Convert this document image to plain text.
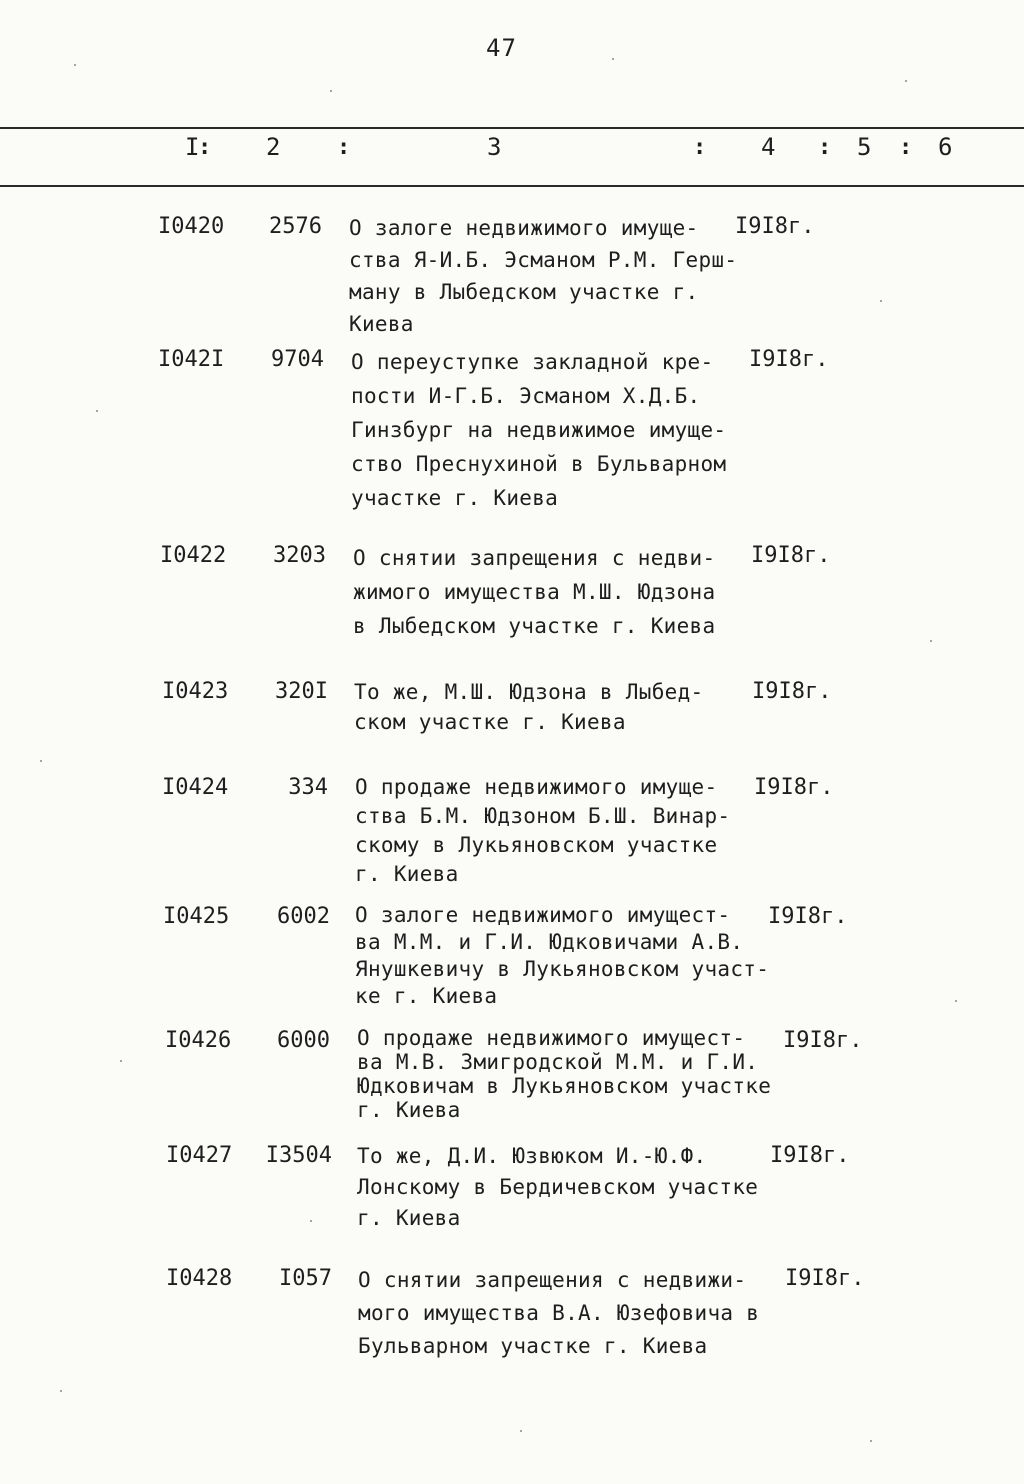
47
I
: 2	:	3	: 4 : 5 : 6
I0420	2576 О залоге недвижимого имуще-
ства Я-И.Б. Эсманом Р.М. Герш-
ману в Лыбедском участке г.
Киева
I9I8г.
I042I	9704 О переуступке закладной кре-
пости И-Г.Б. Эсманом Х.Д.Б.
Гинзбург на недвижимое имуще-
ство Преснухиной в Бульварном
участке г. Киева
I9I8г.
I0422	3203 О снятии запрещения с недви-
жимого имущества М.Ш. Юдзона
в Лыбедском участке г. Киева
I9I8г.
I0423	320I То же, М.Ш. Юдзона в Лыбед-
ском участке г. Киева
I9I8г.
I0424	334 О продаже недвижимого имуще-
ства Б.М. Юдзоном Б.Ш. Винар-
скому в Лукьяновском участке
г. Киева
I9I8г.
I0425	6002 О залоге недвижимого имущест-
ва М.М. и Г.И. Юдковичами А.В.
Янушкевичу в Лукьяновском участ-
ке г. Киева
I9I8г.
I0426	6000 О продаже недвижимого имущест-
ва М.В. Змигродской М.М. и Г.И.
Юдковичам в Лукьяновском участке
г. Киева
I9I8г.
I0427	I3504 То же, Д.И. Юзвюком И.-Ю.Ф.
Лонскому в Бердичевском участке
г. Киева
I9I8г.
I0428	I057 О снятии запрещения с недвижи-
мого имущества В.А. Юзефовича в
Бульварном участке г. Киева
I9I8г.
